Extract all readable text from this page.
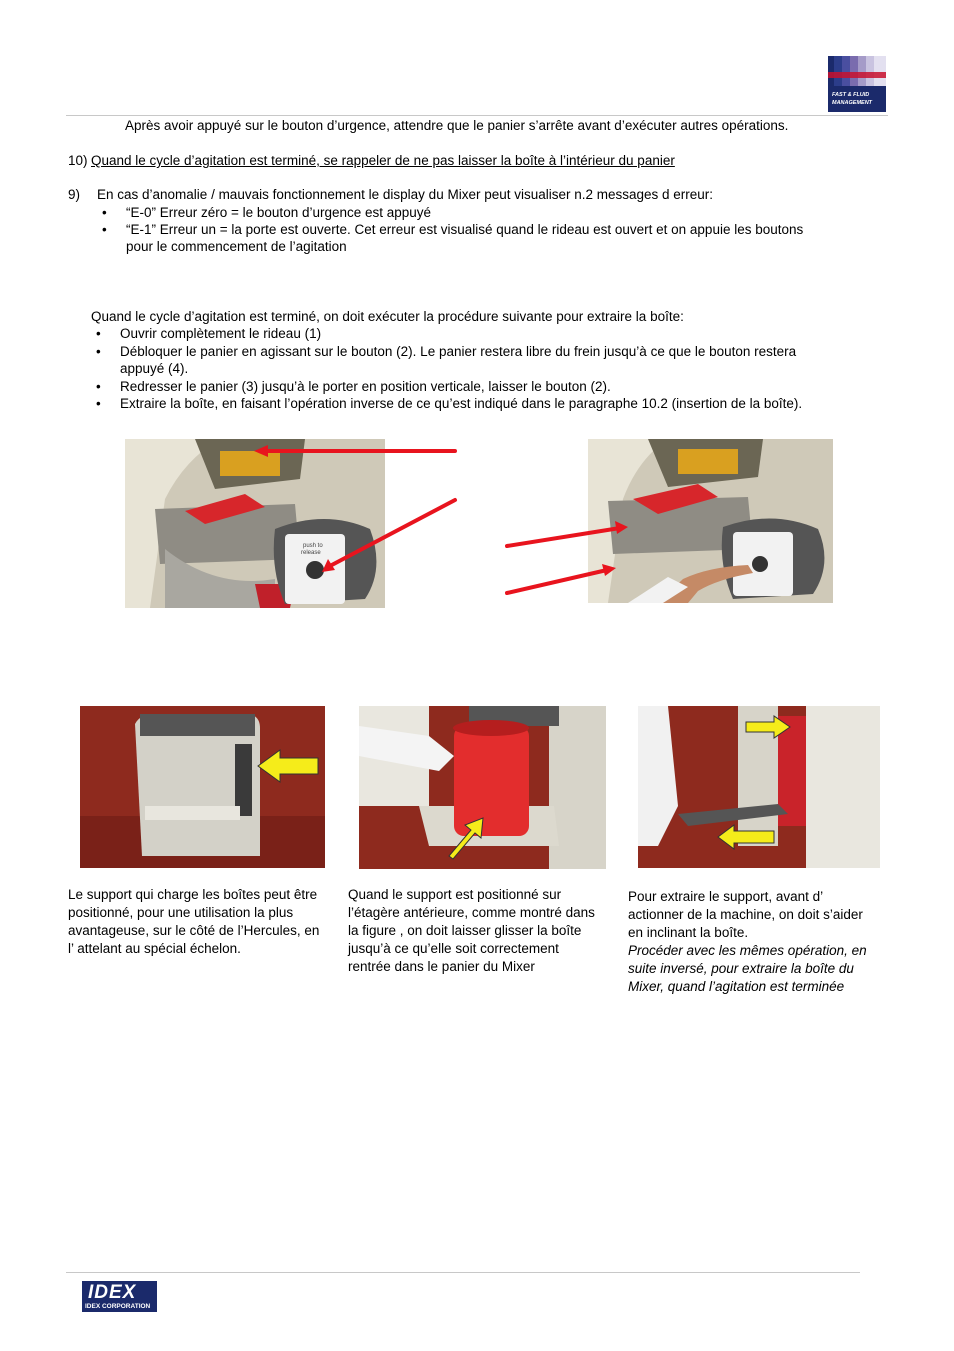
FAST & FLUID
MANAGEMENT
Après avoir appuyé sur le bouton d’urgence, attendre que le panier s’arrête avant d’exécuter autres opérations.
10) Quand le cycle d’agitation est terminé, se rappeler de ne pas laisser la boîte à l’intérieur du panier
9) En cas d’anomalie / mauvais fonctionnement le display du Mixer peut visualiser n.2 messages d erreur:
• “E-0” Erreur zéro = le bouton d’urgence est appuyé
• “E-1” Erreur un = la porte est ouverte. Cet erreur est visualisé quand le rideau est ouvert et on appuie les boutons
pour le commencement de l’agitation
Quand le cycle d’agitation est terminé, on doit exécuter la procédure suivante pour extraire la boîte:
• Ouvrir complètement le rideau (1)
• Débloquer le panier en agissant sur le bouton (2). Le panier restera libre du frein jusqu’à ce que le bouton restera
appuyé (4).
• Redresser le panier (3) jusqu’à le porter en position verticale, laisser le bouton (2).
• Extraire la boîte, en faisant l’opération inverse de ce qu’est indiqué dans le paragraphe 10.2 (insertion de la boîte).
push to
release
Le support qui charge les boîtes peut être
positionné, pour une utilisation la plus
avantageuse, sur le côté de l’Hercules, en
l’ attelant au spécial échelon.
Quand le support est positionné sur
l’étagère antérieure, comme montré dans
la figure , on doit laisser glisser la boîte
jusqu’à ce qu’elle soit correctement
rentrée dans le panier du Mixer
Pour extraire le support, avant d’
actionner de la machine, on doit s’aider
en inclinant la boîte.
Procéder avec les mêmes opération, en
suite inversé, pour extraire la boîte du
Mixer, quand l’agitation est terminée
IDEX
IDEX CORPORATION
